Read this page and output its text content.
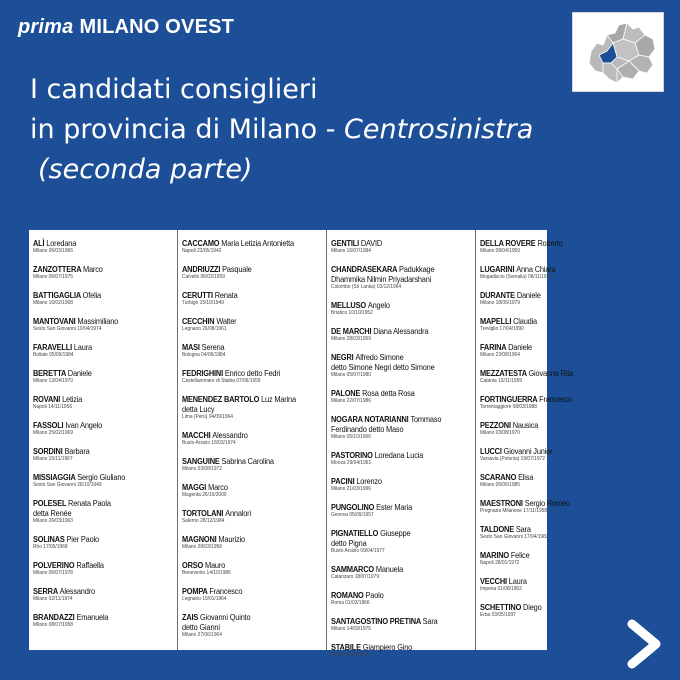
prima MILANO OVEST
I candidati consiglieri
in provincia di Milano - Centrosinistra
(seconda parte)
ALÌ Loredana
Milano 06/03/1966
ZANZOTTERA Marco
Milano 06/07/1975
BATTIGAGLIA Ofelia
Milano 16/02/1968
MANTOVANI Massimiliano
Sesto San Giovanni 10/04/1974
FARAVELLI Laura
Bollate 05/09/1984
BERETTA Daniele
Milano 13/04/1970
ROVANI Letizia
Napoli 14/11/1956
FASSOLI Ivan Angelo
Milano 25/02/1969
SORDINI Barbara
Milano 15/11/1967
MISSIAGGIA Sergio Giuliano
Sesto San Giovanni 28/10/1949
POLESEL Renata Paola
detta Renée
Milano 26/03/1963
SOLINAS Pier Paolo
Rho 17/05/1968
POLVERINO Raffaella
Milano 06/07/1978
SERRA Alessandro
Milano 02/11/1974
BRANDAZZI Emanuela
Milano 08/07/1958
CACCAMO Maria Letizia Antonietta
Napoli 23/05/1942
ANDRIUZZI Pasquale
Calvello 06/03/1959
CERUTTI Renata
Turbigo 15/10/1949
CECCHIN Walter
Legnano 26/08/1961
MASI Serena
Bologna 04/06/1984
FEDRIGHINI Enrico detto Fedri
Castellammare di Stabia 07/06/1959
MENENDEZ BARTOLO Luz Marina
detta Lucy
Lima (Perù) 04/09/1964
MACCHI Alessandro
Busto Arsizio 16/03/1974
SANGUINE Sabrina Carolina
Milano 03/08/1972
MAGGI Marco
Magenta 26/10/2000
TORTOLANI Annalori
Salerno 28/12/1984
MAGNONI Maurizio
Milano 28/03/1958
ORSO Mauro
Benevento 14/10/1986
POMPA Francesco
Legnano 10/01/1964
ZAIS Giovanni Quinto
detto Gianni
Milano 27/06/1964
GENTILI DAVID
Milano 16/07/1984
CHANDRASEKARA Padukkage
Dhammika Nilmin Priyadarshani
Colombo (Sri Lanka) 03/12/1964
MELLUSO Angelo
Briatico 10/10/1952
DE MARCHI Diana Alessandra
Milano 28/03/1959
NEGRI Alfredo Simone
detto Simone Negri detto Simone
Milano 05/07/1980
PALONE Rosa detta Rosa
Milano 22/07/1986
NOGARA NOTARIANNI Tommaso
Ferdinando detto Maso
Milano 05/10/1966
PASTORINO Loredana Lucia
Monza 29/04/1961
PACINI Lorenzo
Milano 21/03/1996
PUNGOLINO Ester Maria
Genova 05/09/1957
PIGNATIELLO Giuseppe
detto Pigna
Busto Arsizio 09/04/1977
SAMMARCO Manuela
Catanzaro 18/07/1979
ROMANO Paolo
Roma 01/03/1966
SANTAGOSTINO PRETINA Sara
Milano 14/09/1975
STABILE Giampiero Gino
Milano 01/11/1962
DELLA ROVERE Roberto
Milano 08/04/1959
LUGARINI Anna Chiara
Mogadiscio (Somalia) 08/11/1973
DURANTE Daniele
Milano 18/06/1979
MAPELLI Claudia
Treviglio 17/04/1990
FARINA Daniele
Milano 23/08/1964
MEZZATESTA Giovanna Rita
Catania 13/11/1959
FORTINGUERRA Francesco
Torremaggiore 08/03/1988
PEZZONI Nausica
Milano 03/08/1970
LUCCI Giovanni Junior
Varsavia (Polonia) 19/07/1972
SCARANO Elisa
Milano 05/06/1985
MAESTRONI Sergio Romeo
Pregnana Milanese 17/11/1958
TALDONE Sara
Sesto San Giovanni 17/04/1982
MARINO Felice
Napoli 28/01/1972
VECCHI Laura
Imperia 01/08/1962
SCHETTINO Diego
Erba 03/05/1997
